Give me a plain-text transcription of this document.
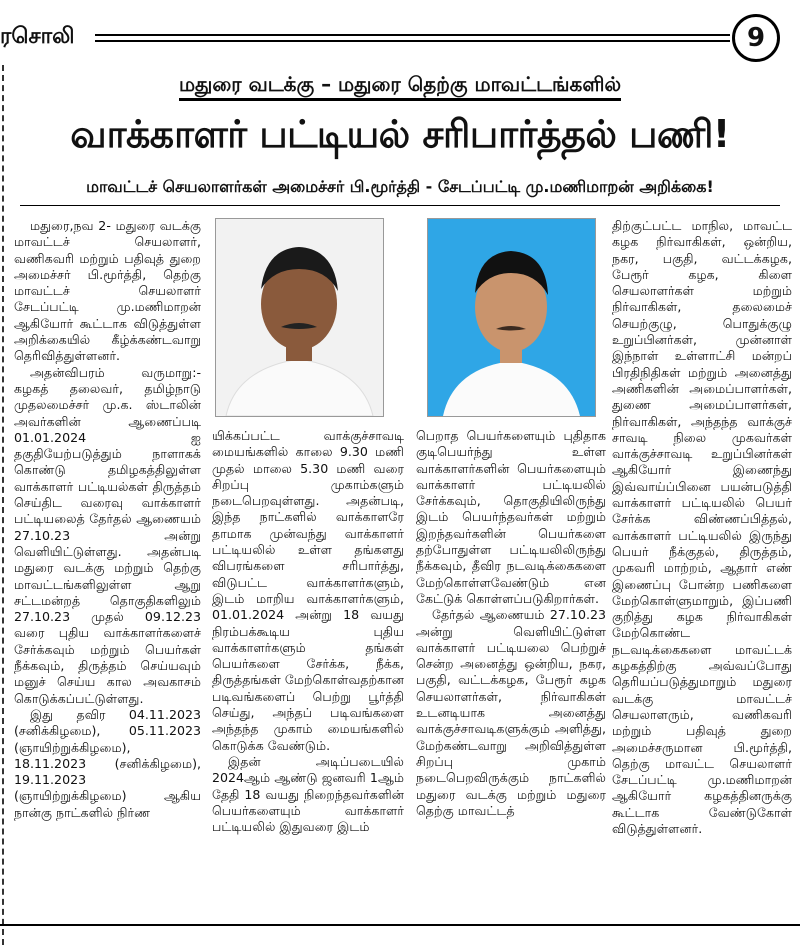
ரசொலி	9
மதுரை வடக்கு – மதுரை தெற்கு மாவட்டங்களில்
வாக்காளர் பட்டியல் சரிபார்த்தல் பணி!
மாவட்டச் செயலாளர்கள் அமைச்சர் பி.மூர்த்தி - சேடப்பட்டி மு.மணிமாறன் அறிக்கை!

மதுரை,நவ 2- மதுரை வடக்கு மாவட்டச் செயலாளர், வணிகவரி மற்றும் பதிவுத் துறை அமைச்சர் பி.மூர்த்தி, தெற்கு மாவட்டச் செயலாளர் சேடப்பட்டி மு.மணிமாறன் ஆகியோர் கூட்டாக விடுத்துள்ள அறிக்கையில் கீழ்க்கண்டவாறு தெரிவித்துள்ளனர்.

அதன்விபரம் வருமாறு:- கழகத் தலைவர், தமிழ்நாடு முதலமைச்சர் மு.க. ஸ்டாலின் அவர்களின் ஆணைப்படி 01.01.2024 ஐ தகுதியேற்படுத்தும் நாளாகக் கொண்டு தமிழகத்திலுள்ள வாக்காளர் பட்டியல்கள் திருத்தம் செய்திட வரைவு வாக்காளர் பட்டியலைத் தேர்தல் ஆணையம் 27.10.23 அன்று வெளியிட்டுள்ளது. அதன்படி மதுரை வடக்கு மற்றும் தெற்கு மாவட்டங்களிலுள்ள ஆறு சட்டமன்றத் தொகுதிகளிலும் 27.10.23 முதல் 09.12.23 வரை புதிய வாக்காளர்களைச் சேர்க்கவும் மற்றும் பெயர்கள் நீக்கவும், திருத்தம் செய்யவும் மனுச் செய்ய கால அவகாசம் கொடுக்கப்பட்டுள்ளது.

இது தவிர 04.11.2023 (சனிக்கிழமை), 05.11.2023 (ஞாயிற்றுக்கிழமை), 18.11.2023 (சனிக்கிழமை), 19.11.2023 (ஞாயிற்றுக்கிழமை) ஆகிய நான்கு நாட்களில் நிர்ண

யிக்கப்பட்ட வாக்குச்சாவடி மையங்களில் காலை 9.30 மணி முதல் மாலை 5.30 மணி வரை சிறப்பு முகாம்களும் நடைபெறவுள்ளது. அதன்படி, இந்த நாட்களில் வாக்காளரே தாமாக முன்வந்து வாக்காளர் பட்டியலில் உள்ள தங்களது விபரங்களை சரிபார்த்து, விடுபட்ட வாக்காளர்களும், இடம் மாறிய வாக்காளர்களும், 01.01.2024 அன்று 18 வயது நிரம்பக்கூடிய புதிய வாக்காளர்களும் தங்கள் பெயர்களை சேர்க்க, நீக்க, திருத்தங்கள் மேற்கொள்வதற்கான படிவங்களைப் பெற்று பூர்த்தி செய்து, அந்தப் படிவங்களை அந்தந்த முகாம் மையங்களில் கொடுக்க வேண்டும்.

இதன் அடிப்படையில் 2024ஆம் ஆண்டு ஜனவரி 1ஆம் தேதி 18 வயது நிறைந்தவர்களின் பெயர்களையும் வாக்காளர் பட்டியலில் இதுவரை இடம்

பெறாத பெயர்களையும் புதிதாக குடிபெயர்ந்து உள்ள வாக்காளர்களின் பெயர்களையும் வாக்காளர் பட்டியலில் சேர்க்கவும், தொகுதியிலிருந்து இடம் பெயர்ந்தவர்கள் மற்றும் இறந்தவர்களின் பெயர்களை தற்போதுள்ள பட்டியலிலிருந்து நீக்கவும், தீவிர நடவடிக்கைகளை மேற்கொள்ளவேண்டும் என கேட்டுக் கொள்ளப்படுகிறார்கள்.

தேர்தல் ஆணையம் 27.10.23 அன்று வெளியிட்டுள்ள வாக்காளர் பட்டியலை பெற்றுச் சென்ற அனைத்து ஒன்றிய, நகர, பகுதி, வட்டக்கழக, பேரூர் கழக செயலாளர்கள், நிர்வாகிகள் உடனடியாக அனைத்து வாக்குச்சாவடிகளுக்கும் அளித்து, மேற்கண்டவாறு அறிவித்துள்ள சிறப்பு முகாம் நடைபெறவிருக்கும் நாட்களில் மதுரை வடக்கு மற்றும் மதுரை தெற்கு மாவட்டத்

திற்குட்பட்ட மாநில, மாவட்ட கழக நிர்வாகிகள், ஒன்றிய, நகர, பகுதி, வட்டக்கழக, பேரூர் கழக, கிளை செயலாளர்கள் மற்றும் நிர்வாகிகள், தலைமைச் செயற்குழு, பொதுக்குழு உறுப்பினர்கள், முன்னாள் இந்நாள் உள்ளாட்சி மன்றப் பிரதிநிதிகள் மற்றும் அனைத்து அணிகளின் அமைப்பாளர்கள், துணை அமைப்பாளர்கள், நிர்வாகிகள், அந்தந்த வாக்குச் சாவடி நிலை முகவர்கள் வாக்குச்சாவடி உறுப்பினர்கள் ஆகியோர் இணைந்து இவ்வாய்ப்பினை பயன்படுத்தி வாக்காளர் பட்டியலில் பெயர் சேர்க்க விண்ணப்பித்தல், வாக்காளர் பட்டியலில் இருந்து பெயர் நீக்குதல், திருத்தம், முகவரி மாற்றம், ஆதார் எண் இணைப்பு போன்ற பணிகளை மேற்கொள்ளுமாறும், இப்பணி குறித்து கழக நிர்வாகிகள் மேற்கொண்ட நடவடிக்கைகளை மாவட்டக் கழகத்திற்கு அவ்வப்போது தெரியப்படுத்துமாறும் மதுரை வடக்கு மாவட்டச் செயலாளரும், வணிகவரி மற்றும் பதிவுத் துறை அமைச்சருமான பி.மூர்த்தி, தெற்கு மாவட்ட செயலாளர் சேடப்பட்டி மு.மணிமாறன் ஆகியோர் கழகத்தினருக்கு கூட்டாக வேண்டுகோள் விடுத்துள்ளனர்.
